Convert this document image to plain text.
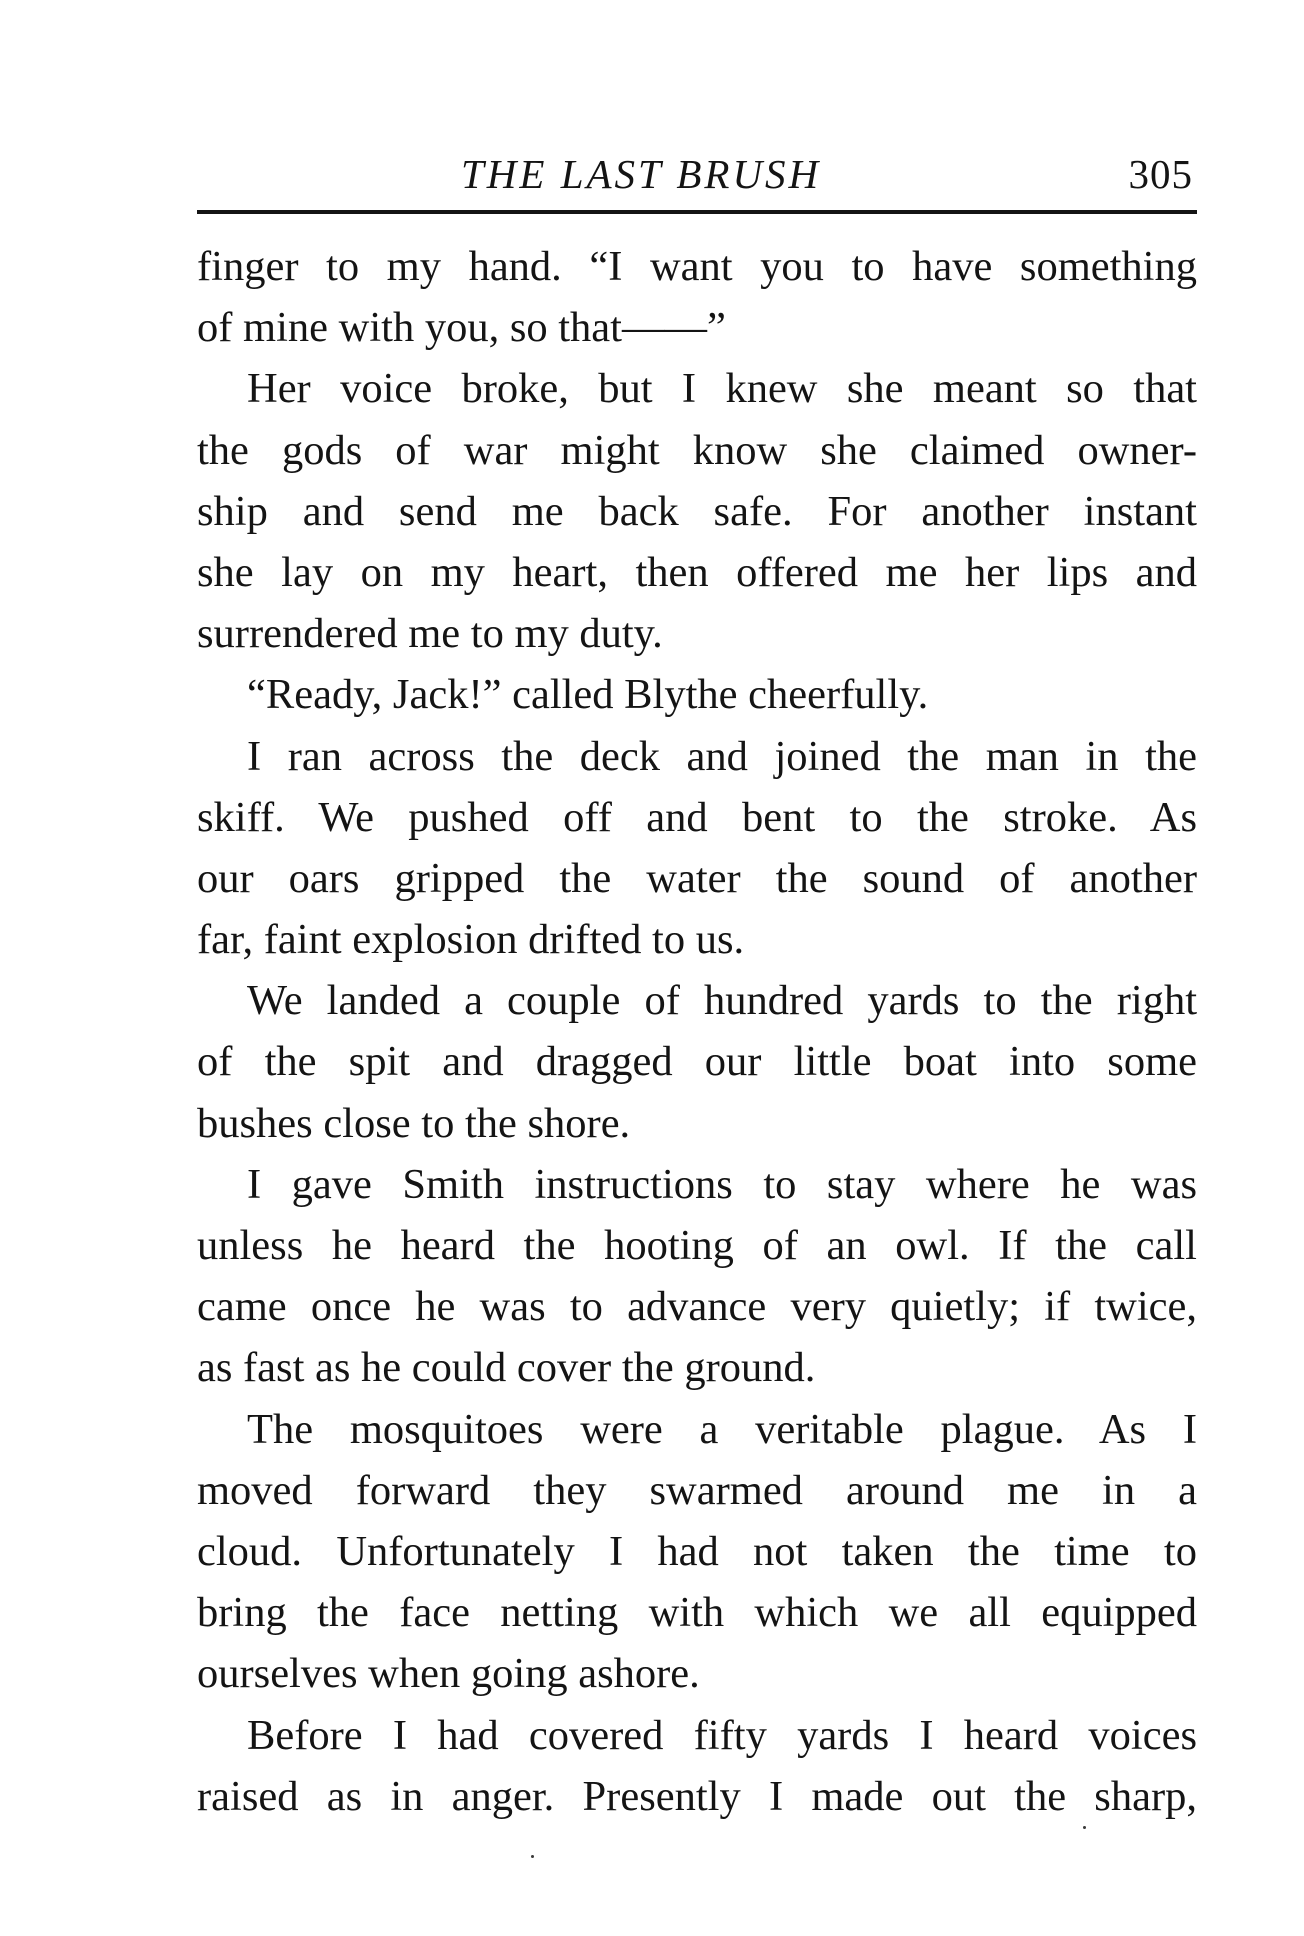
THE LAST BRUSH	305
finger to my hand. “I want you to have something
of mine with you, so that——”
Her voice broke, but I knew she meant so that
the gods of war might know she claimed owner-
ship and send me back safe. For another instant
she lay on my heart, then offered me her lips and
surrendered me to my duty.
“Ready, Jack!” called Blythe cheerfully.
I ran across the deck and joined the man in the
skiff. We pushed off and bent to the stroke. As
our oars gripped the water the sound of another
far, faint explosion drifted to us.
We landed a couple of hundred yards to the right
of the spit and dragged our little boat into some
bushes close to the shore.
I gave Smith instructions to stay where he was
unless he heard the hooting of an owl. If the call
came once he was to advance very quietly; if twice,
as fast as he could cover the ground.
The mosquitoes were a veritable plague. As I
moved forward they swarmed around me in a
cloud. Unfortunately I had not taken the time to
bring the face netting with which we all equipped
ourselves when going ashore.
Before I had covered fifty yards I heard voices
raised as in anger. Presently I made out the sharp,
